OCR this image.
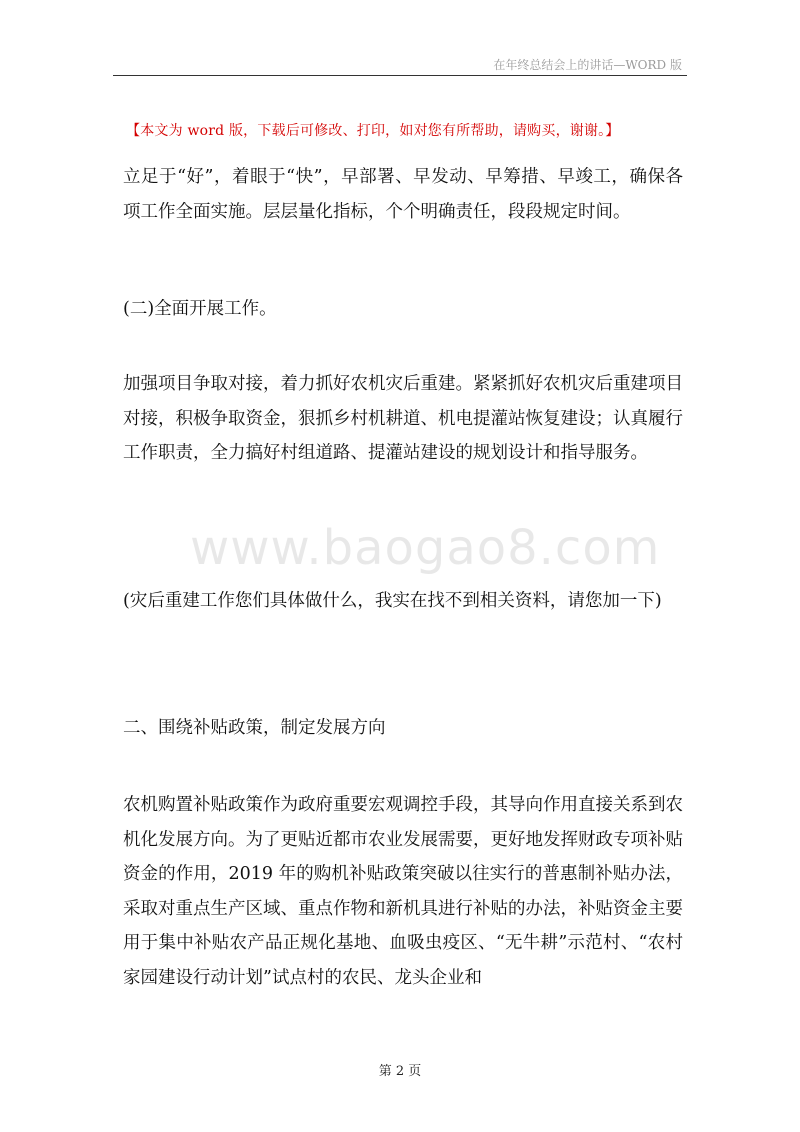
在年终总结会上的讲话—WORD 版
【本文为 word 版，下载后可修改、打印，如对您有所帮助，请购买，谢谢。】
立足于“好”，着眼于“快”，早部署、早发动、早筹措、早竣工，确保各项工作全面实施。层层量化指标，个个明确责任，段段规定时间。
(二)全面开展工作。
加强项目争取对接，着力抓好农机灾后重建。紧紧抓好农机灾后重建项目对接，积极争取资金，狠抓乡村机耕道、机电提灌站恢复建设；认真履行工作职责，全力搞好村组道路、提灌站建设的规划设计和指导服务。
(灾后重建工作您们具体做什么，我实在找不到相关资料，请您加一下)
二、围绕补贴政策，制定发展方向
农机购置补贴政策作为政府重要宏观调控手段，其导向作用直接关系到农机化发展方向。为了更贴近都市农业发展需要，更好地发挥财政专项补贴资金的作用，2019 年的购机补贴政策突破以往实行的普惠制补贴办法，采取对重点生产区域、重点作物和新机具进行补贴的办法，补贴资金主要用于集中补贴农产品正规化基地、血吸虫疫区、“无牛耕”示范村、“农村家园建设行动计划”试点村的农民、龙头企业和
www.baogao8.com
第 2 页
